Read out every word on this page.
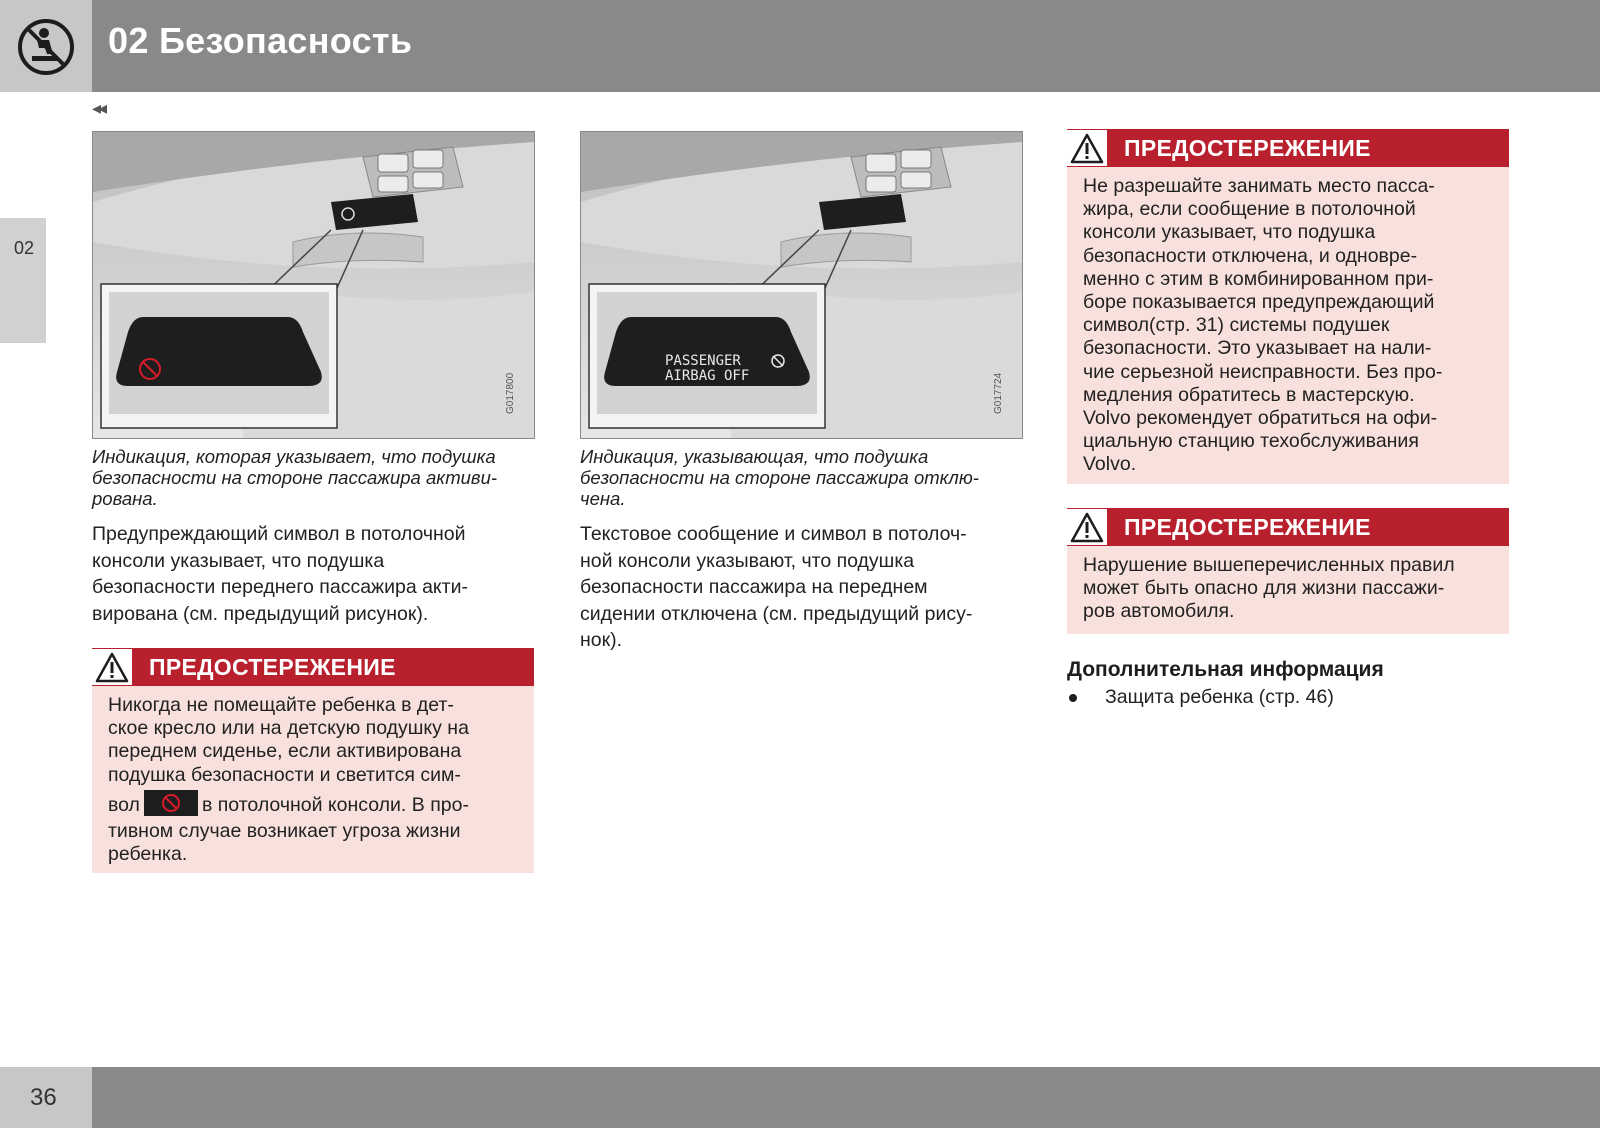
02 Безопасность
◂◂
02
G017800
Индикация, которая указывает, что подушка
безопасности на стороне пассажира активи-
рована.
PASSENGER
AIRBAG OFF	G017724
Индикация, указывающая, что подушка
безопасности на стороне пассажира отклю-
чена.
Предупреждающий символ в потолочной
консоли указывает, что подушка
безопасности переднего пассажира акти-
вирована (см. предыдущий рисунок).
Текстовое сообщение и символ в потолоч-
ной консоли указывают, что подушка
безопасности пассажира на переднем
сидении отключена (см. предыдущий рису-
нок).
ПРЕДОСТЕРЕЖЕНИЕ
Никогда не помещайте ребенка в дет-
ское кресло или на детскую подушку на
переднем сиденье, если активирована
подушка безопасности и светится сим-
вол	в потолочной консоли. В про-
тивном случае возникает угроза жизни
ребенка.
ПРЕДОСТЕРЕЖЕНИЕ
Не разрешайте занимать место пасса-
жира, если сообщение в потолочной
консоли указывает, что подушка
безопасности отключена, и одновре-
менно с этим в комбинированном при-
боре показывается предупреждающий
символ(стр. 31) системы подушек
безопасности. Это указывает на нали-
чие серьезной неисправности. Без про-
медления обратитесь в мастерскую.
Volvo рекомендует обратиться на офи-
циальную станцию техобслуживания
Volvo.
ПРЕДОСТЕРЕЖЕНИЕ
Нарушение вышеперечисленных правил
может быть опасно для жизни пассажи-
ров автомобиля.
Дополнительная информация
Защита ребенка (стр. 46)
36
